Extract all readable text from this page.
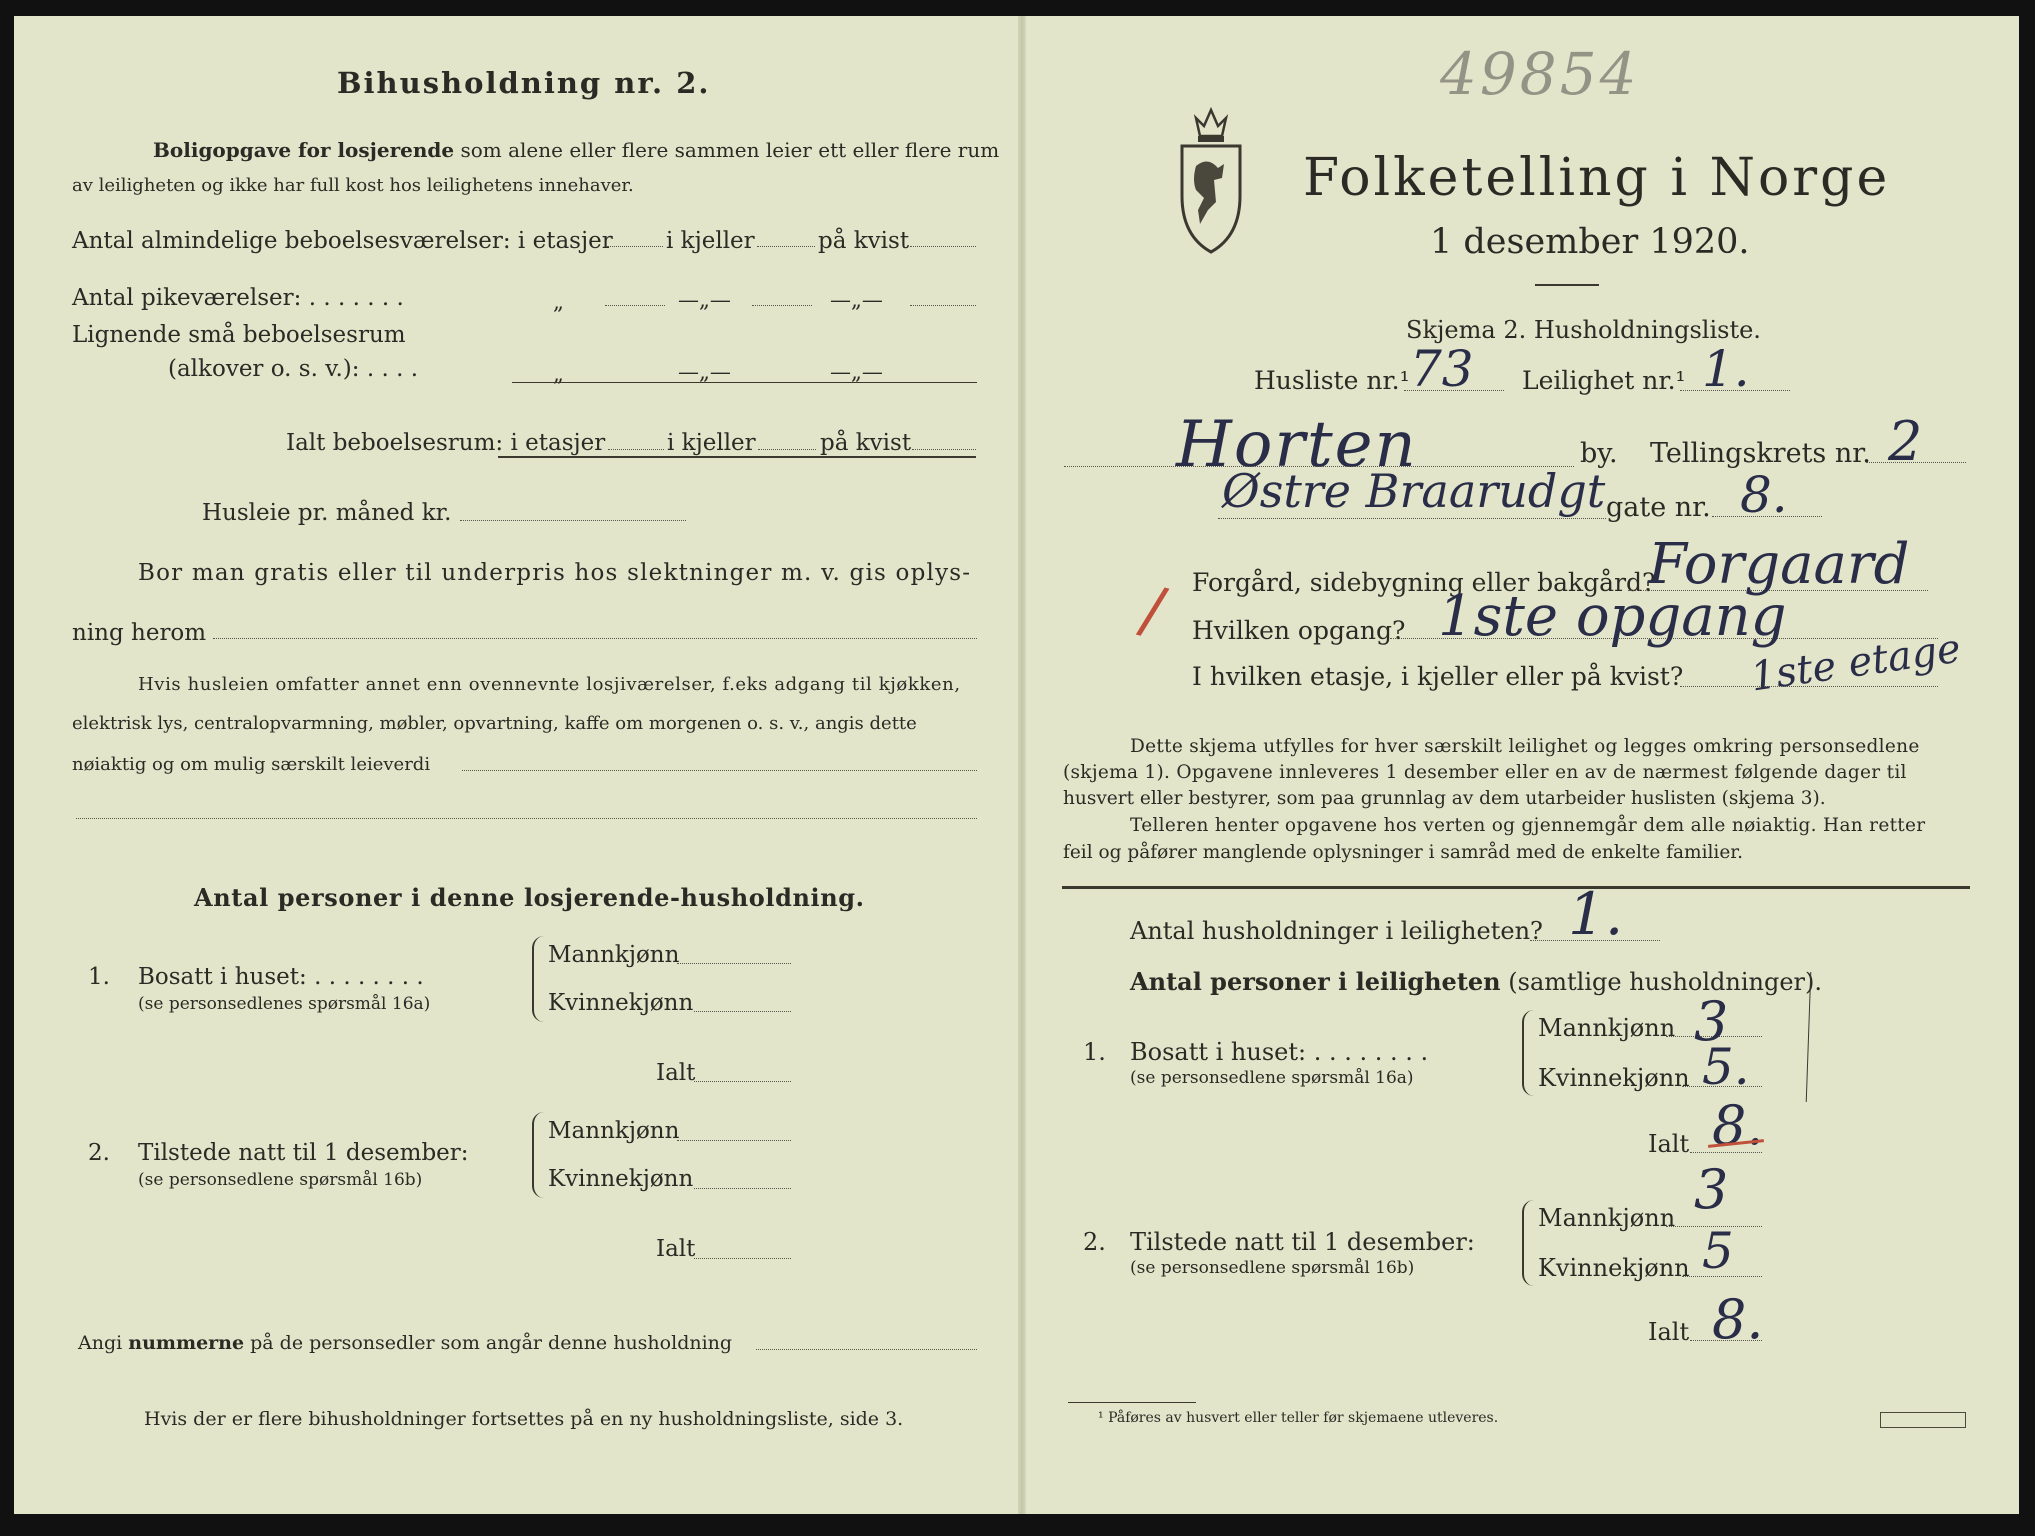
Bihusholdning nr. 2.
Boligopgave for losjerende som alene eller flere sammen leier ett eller flere rum
av leiligheten og ikke har full kost hos leilighetens innehaver.
Antal almindelige beboelsesværelser: i etasjer i kjeller	på kvist
Antal pikeværelser: . . . . . . .	„	—„—	—„—
Lignende små beboelsesrum
(alkover o. s. v.): . . . .	„	—„—	—„—
Ialt beboelsesrum: i etasjer	i kjeller	på kvist
Husleie pr. måned kr.
Bor man gratis eller til underpris hos slektninger m. v. gis oplys-
ning herom
Hvis husleien omfatter annet enn ovennevnte losjiværelser, f.eks adgang til kjøkken,
elektrisk lys, centralopvarmning, møbler, opvartning, kaffe om morgenen o. s. v., angis dette
nøiaktig og om mulig særskilt leieverdi
Antal personer i denne losjerende-husholdning.
1. Bosatt i huset: . . . . . . . .
(se personsedlenes spørsmål 16a)
Mannkjønn
Kvinnekjønn
Ialt
2. Tilstede natt til 1 desember:
(se personsedlene spørsmål 16b)
Mannkjønn
Kvinnekjønn
Ialt
Angi nummerne på de personsedler som angår denne husholdning
Hvis der er flere bihusholdninger fortsettes på en ny husholdningsliste, side 3.
49854
Folketelling i Norge
1 desember 1920.
Skjema 2. Husholdningsliste.
Husliste nr.¹ 73 Leilighet nr.¹ 1.
Horten	by. Tellingskrets nr. 2
Østre Braarudgt gate nr. 8.
Forgård, sidebygning eller bakgård?
Forgaard
/ Hvilken opgang? 1ste opgang
I hvilken etasje, i kjeller eller på kvist? 1ste etage
Dette skjema utfylles for hver særskilt leilighet og legges omkring personsedlene
(skjema 1). Opgavene innleveres 1 desember eller en av de nærmest følgende dager til
husvert eller bestyrer, som paa grunnlag av dem utarbeider huslisten (skjema 3).
Telleren henter opgavene hos verten og gjennemgår dem alle nøiaktig. Han retter
feil og påfører manglende oplysninger i samråd med de enkelte familier.
Antal husholdninger i leiligheten? 1.
Antal personer i leiligheten (samtlige husholdninger).
1. Bosatt i huset: . . . . . . . .
(se personsedlene spørsmål 16a)
Mannkjønn 3
Kvinnekjønn 5.
Ialt 8.
2. Tilstede natt til 1 desember:
(se personsedlene spørsmål 16b)
Mannkjønn 3
Kvinnekjønn 5
Ialt 8.
¹ Påføres av husvert eller teller før skjemaene utleveres.
